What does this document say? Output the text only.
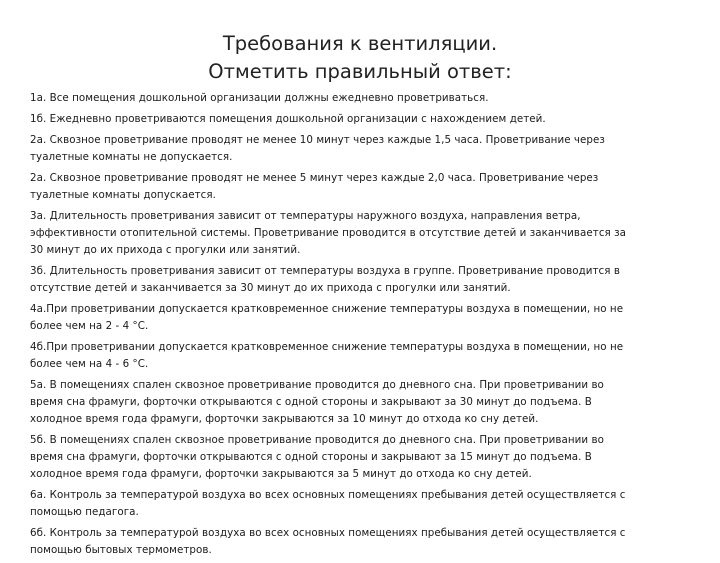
Требования к вентиляции.
Отметить правильный ответ:
1а. Все помещения дошкольной организации должны ежедневно проветриваться.
1б. Ежедневно проветриваются помещения дошкольной организации с нахождением детей.
2а. Сквозное проветривание проводят не менее 10 минут через каждые 1,5 часа. Проветривание через
туалетные комнаты не допускается.
2а. Сквозное проветривание проводят не менее 5 минут через каждые 2,0 часа. Проветривание через
туалетные комнаты допускается.
3а. Длительность проветривания зависит от температуры наружного воздуха, направления ветра,
эффективности отопительной системы. Проветривание проводится в отсутствие детей и заканчивается за
30 минут до их прихода с прогулки или занятий.
3б. Длительность проветривания зависит от температуры воздуха в группе. Проветривание проводится в
отсутствие детей и заканчивается за 30 минут до их прихода с прогулки или занятий.
4а.При проветривании допускается кратковременное снижение температуры воздуха в помещении, но не
более чем на 2 - 4 °С.
4б.При проветривании допускается кратковременное снижение температуры воздуха в помещении, но не
более чем на 4 - 6 °С.
5а. В помещениях спален сквозное проветривание проводится до дневного сна. При проветривании во
время сна фрамуги, форточки открываются с одной стороны и закрывают за 30 минут до подъема. В
холодное время года фрамуги, форточки закрываются за 10 минут до отхода ко сну детей.
5б. В помещениях спален сквозное проветривание проводится до дневного сна. При проветривании во
время сна фрамуги, форточки открываются с одной стороны и закрывают за 15 минут до подъема. В
холодное время года фрамуги, форточки закрываются за 5 минут до отхода ко сну детей.
6а. Контроль за температурой воздуха во всех основных помещениях пребывания детей осуществляется с
помощью педагога.
6б. Контроль за температурой воздуха во всех основных помещениях пребывания детей осуществляется с
помощью бытовых термометров.
